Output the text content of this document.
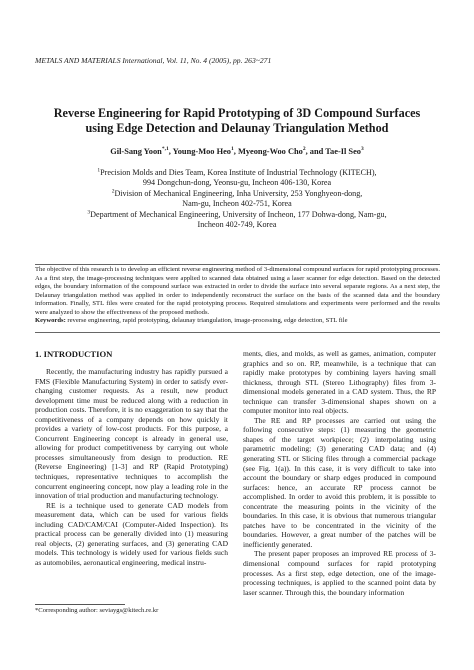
METALS AND MATERIALS International, Vol. 11, No. 4 (2005), pp. 263~271
Reverse Engineering for Rapid Prototyping of 3D Compound Surfaces
using Edge Detection and Delaunay Triangulation Method
Gil-Sang Yoon$^{*,1}$, Young-Moo Heo$^1$, Myeong-Woo Cho$^2$, and Tae-Il Seo$^3$
$^1$Precision Molds and Dies Team, Korea Institute of Industrial Technology (KITECH),
994 Dongchun-dong, Yeonsu-gu, Incheon 406-130, Korea
$^2$Division of Mechanical Engineering, Inha University, 253 Yonghyeon-dong,
Nam-gu, Incheon 402-751, Korea
$^3$Department of Mechanical Engineering, University of Incheon, 177 Dohwa-dong, Nam-gu,
Incheon 402-749, Korea
The objective of this research is to develop an efficient reverse engineering method of 3-dimensional compound surfaces for rapid prototyping processes. As a first step, the image-processing techniques were applied to scanned data obtained using a laser scanner for edge detection. Based on the detected edges, the boundary information of the compound surface was extracted in order to divide the surface into several separate regions. As a next step, the Delaunay triangulation method was applied in order to independently reconstruct the surface on the basis of the scanned data and the boundary information. Finally, STL files were created for the rapid prototyping process. Required simulations and experiments were performed and the results were analyzed to show the effectiveness of the proposed methods.
Keywords: reverse engineering, rapid prototyping, delaunay triangulation, image-processing, edge detection, STL file
1. INTRODUCTION

Recently, the manufacturing industry has rapidly pursued a FMS (Flexible Manufacturing System) in order to satisfy ever-changing customer requests. As a result, new product development time must be reduced along with a reduction in production costs. Therefore, it is no exaggeration to say that the competitiveness of a company depends on how quickly it provides a variety of low-cost products. For this purpose, a Concurrent Engineering concept is already in general use, allowing for product competitiveness by carrying out whole processes simultaneously from design to production. RE (Reverse Engineering) [1-3] and RP (Rapid Prototyping) techniques, representative techniques to accomplish the concurrent engineering concept, now play a leading role in the innovation of trial production and manufacturing technology.

RE is a technique used to generate CAD models from measurement data, which can be used for various fields including CAD/CAM/CAI (Computer-Aided Inspection). Its practical process can be generally divided into (1) measuring real objects, (2) generating surfaces, and (3) generating CAD models. This technology is widely used for various fields such as automobiles, aeronautical engineering, medical instru-

ments, dies, and molds, as well as games, animation, computer graphics and so on. RP, meanwhile, is a technique that can rapidly make prototypes by combining layers having small thickness, through STL (Stereo Lithography) files from 3-dimensional models generated in a CAD system. Thus, the RP technique can transfer 3-dimensional shapes shown on a computer monitor into real objects.

The RE and RP processes are carried out using the following consecutive steps: (1) measuring the geometric shapes of the target workpiece; (2) interpolating using parametric modeling; (3) generating CAD data; and (4) generating STL or Slicing files through a commercial package (see Fig. 1(a)). In this case, it is very difficult to take into account the boundary or sharp edges produced in compound surfaces: hence, an accurate RP process cannot be accomplished. In order to avoid this problem, it is possible to concentrate the measuring points in the vicinity of the boundaries. In this case, it is obvious that numerous triangular patches have to be concentrated in the vicinity of the boundaries. However, a great number of the patches will be inefficiently generated.

The present paper proposes an improved RE process of 3-dimensional compound surfaces for rapid prototyping processes. As a first step, edge detection, one of the image-processing techniques, is applied to the scanned point data by laser scanner. Through this, the boundary information

*Corresponding author: seviaygs@kitech.re.kr
